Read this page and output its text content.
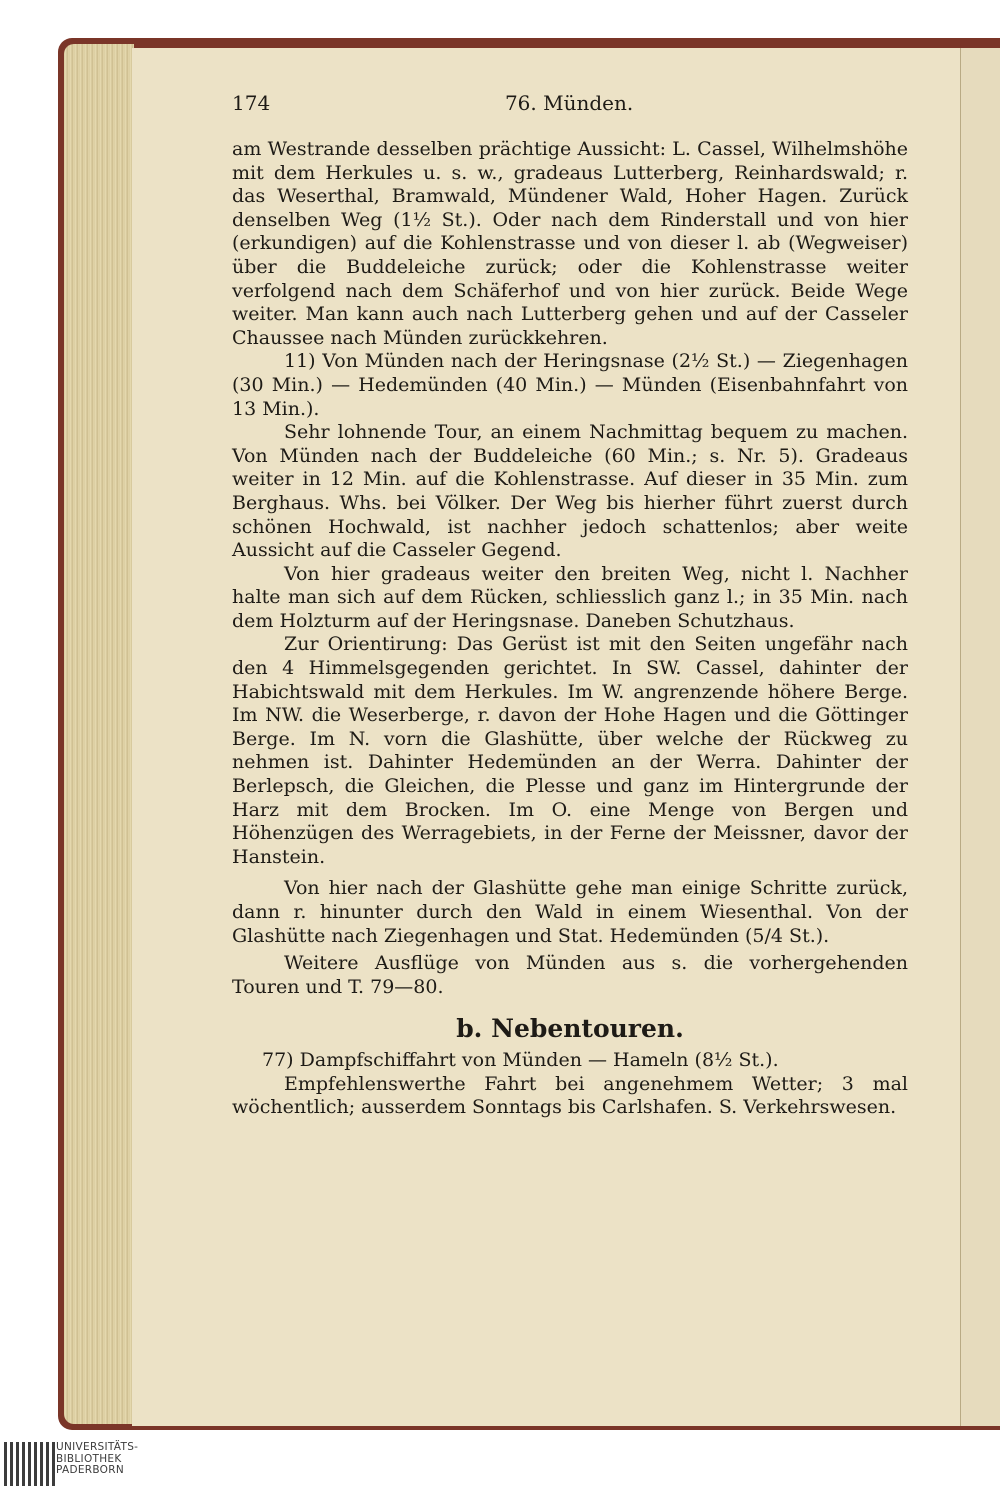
174	76. Münden.

am Westrande desselben prächtige Aussicht: L. Cassel, Wilhelmshöhe mit dem Herkules u. s. w., gradeaus Lutterberg, Reinhardswald; r. das Weserthal, Bramwald, Mündener Wald, Hoher Hagen. Zurück denselben Weg (1½ St.). Oder nach dem Rinderstall und von hier (erkundigen) auf die Kohlenstrasse und von dieser l. ab (Wegweiser) über die Buddeleiche zurück; oder die Kohlenstrasse weiter verfolgend nach dem Schäferhof und von hier zurück. Beide Wege weiter. Man kann auch nach Lutterberg gehen und auf der Casseler Chaussee nach Münden zurückkehren.

11) Von Münden nach der Heringsnase (2½ St.) — Ziegenhagen (30 Min.) — Hedemünden (40 Min.) — Münden (Eisenbahnfahrt von 13 Min.).

Sehr lohnende Tour, an einem Nachmittag bequem zu machen. Von Münden nach der Buddeleiche (60 Min.; s. Nr. 5). Gradeaus weiter in 12 Min. auf die Kohlenstrasse. Auf dieser in 35 Min. zum Berghaus. Whs. bei Völker. Der Weg bis hierher führt zuerst durch schönen Hochwald, ist nachher jedoch schattenlos; aber weite Aussicht auf die Casseler Gegend.

Von hier gradeaus weiter den breiten Weg, nicht l. Nachher halte man sich auf dem Rücken, schliesslich ganz l.; in 35 Min. nach dem Holzturm auf der Heringsnase. Daneben Schutzhaus.

Zur Orientirung: Das Gerüst ist mit den Seiten ungefähr nach den 4 Himmelsgegenden gerichtet. In SW. Cassel, dahinter der Habichtswald mit dem Herkules. Im W. angrenzende höhere Berge. Im NW. die Weserberge, r. davon der Hohe Hagen und die Göttinger Berge. Im N. vorn die Glashütte, über welche der Rückweg zu nehmen ist. Dahinter Hedemünden an der Werra. Dahinter der Berlepsch, die Gleichen, die Plesse und ganz im Hintergrunde der Harz mit dem Brocken. Im O. eine Menge von Bergen und Höhenzügen des Werragebiets, in der Ferne der Meissner, davor der Hanstein.

Von hier nach der Glashütte gehe man einige Schritte zurück, dann r. hinunter durch den Wald in einem Wiesenthal. Von der Glashütte nach Ziegenhagen und Stat. Hedemünden (5/4 St.).

Weitere Ausflüge von Münden aus s. die vorhergehenden Touren und T. 79—80.

b. Nebentouren.

77) Dampfschiffahrt von Münden — Hameln (8½ St.).

Empfehlenswerthe Fahrt bei angenehmem Wetter; 3 mal wöchentlich; ausserdem Sonntags bis Carlshafen. S. Verkehrswesen.

UNIVERSITÄTS-
BIBLIOTHEK
PADERBORN
